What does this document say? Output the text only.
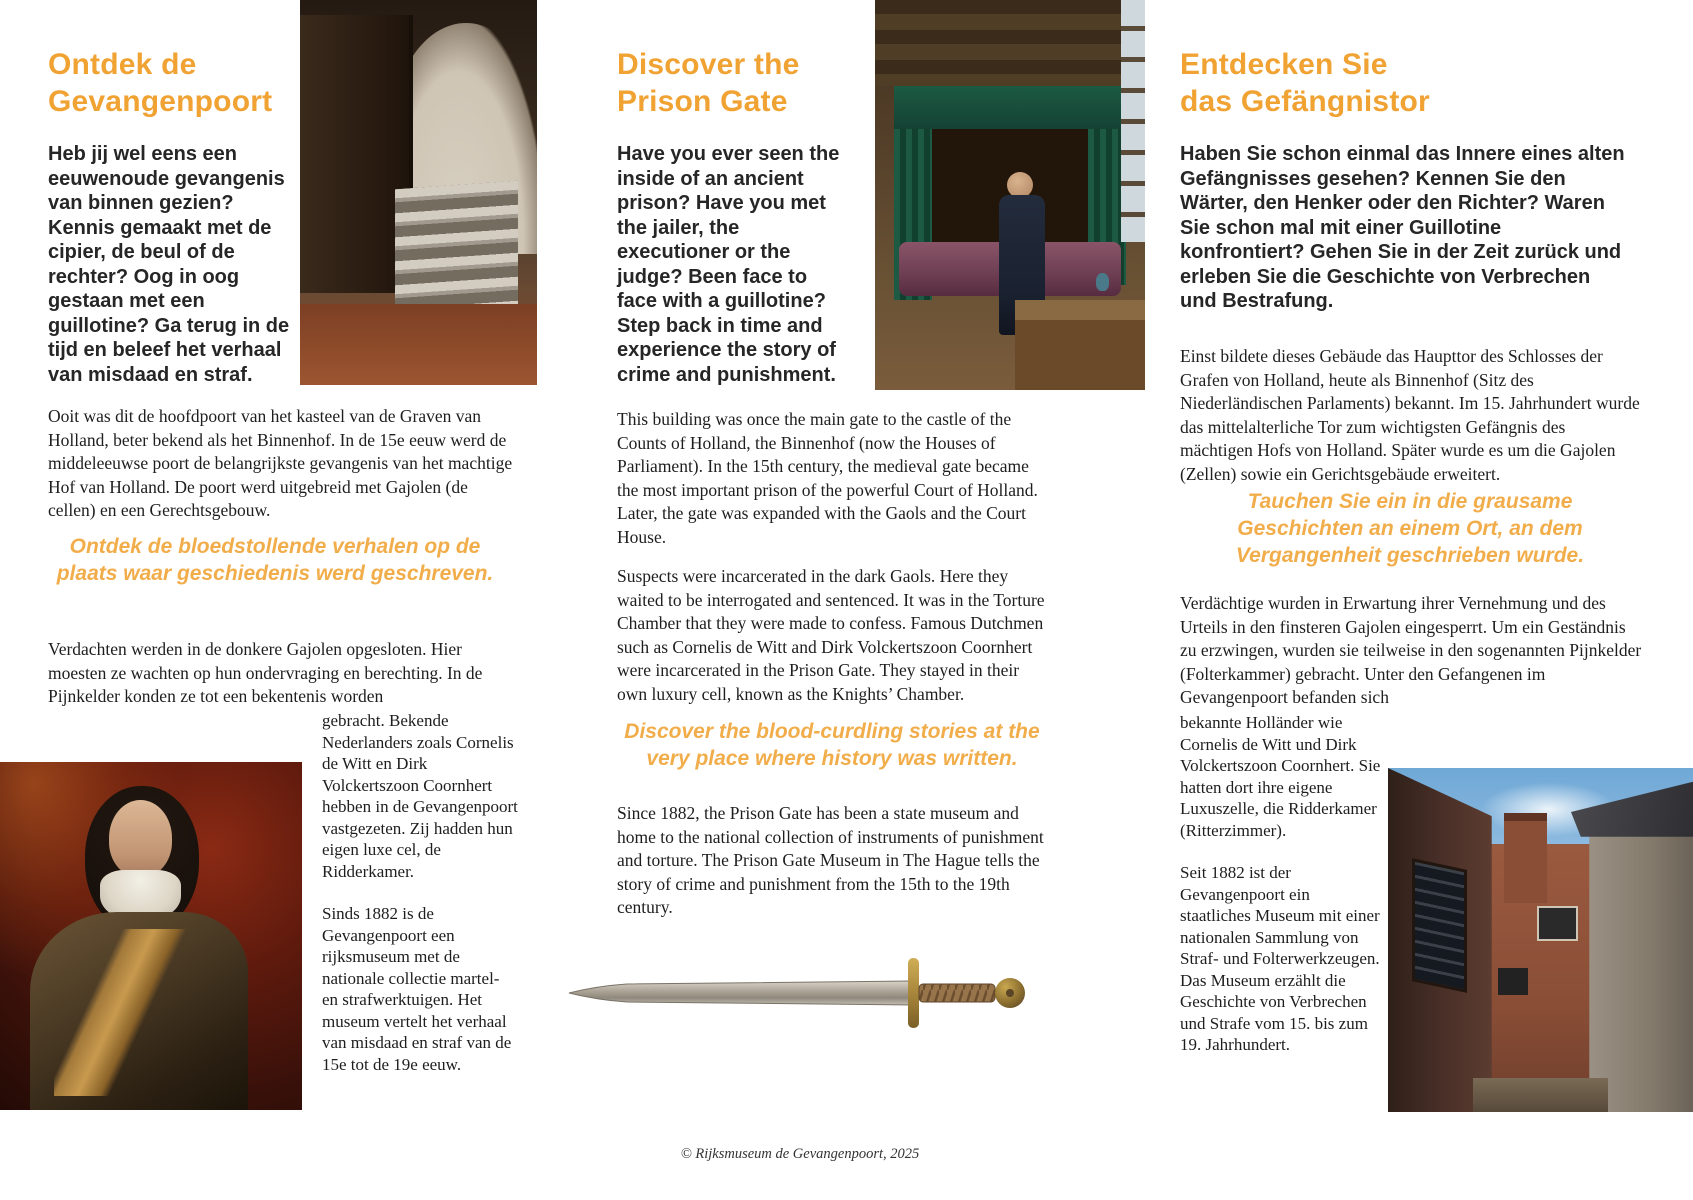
Ontdek de
Gevangenpoort
Heb jij wel eens een eeuwenoude gevangenis van binnen gezien? Kennis gemaakt met de cipier, de beul of de rechter? Oog in oog gestaan met een guillotine? Ga terug in de tijd en beleef het verhaal van misdaad en straf.
Ooit was dit de hoofdpoort van het kasteel van de Graven van Holland, beter bekend als het Binnenhof. In de 15e eeuw werd de middeleeuwse poort de belangrijkste gevangenis van het machtige Hof van Holland. De poort werd uitgebreid met Gajolen (de cellen) en een Gerechtsgebouw.
Ontdek de bloedstollende verhalen op de plaats waar geschiedenis werd geschreven.
Verdachten werden in de donkere Gajolen opgesloten. Hier moesten ze wachten op hun ondervraging en berechting. In de Pijnkelder konden ze tot een bekentenis worden

gebracht. Bekende Nederlanders zoals Cornelis de Witt en Dirk Volckertszoon Coornhert hebben in de Gevangenpoort vastgezeten. Zij hadden hun eigen luxe cel, de Ridderkamer.

Sinds 1882 is de Gevangenpoort een rijksmuseum met de nationale collectie martel- en strafwerktuigen. Het museum vertelt het verhaal van misdaad en straf van de 15e tot de 19e eeuw.

Discover the
Prison Gate
Have you ever seen the inside of an ancient prison? Have you met the jailer, the executioner or the judge? Been face to face with a guillotine? Step back in time and experience the story of crime and punishment.
This building was once the main gate to the castle of the Counts of Holland, the Binnenhof (now the Houses of Parliament). In the 15th century, the medieval gate became the most important prison of the powerful Court of Holland. Later, the gate was expanded with the Gaols and the Court House.
Suspects were incarcerated in the dark Gaols. Here they waited to be interrogated and sentenced. It was in the Torture Chamber that they were made to confess. Famous Dutchmen such as Cornelis de Witt and Dirk Volckertszoon Coornhert were incarcerated in the Prison Gate. They stayed in their own luxury cell, known as the Knights’ Chamber.
Discover the blood-curdling stories at the very place where history was written.
Since 1882, the Prison Gate has been a state museum and home to the national collection of instruments of punishment and torture. The Prison Gate Museum in The Hague tells the story of crime and punishment from the 15th to the 19th century.
© Rijksmuseum de Gevangenpoort, 2025
Entdecken Sie
das Gefängnistor
Haben Sie schon einmal das Innere eines alten Gefängnisses gesehen? Kennen Sie den Wärter, den Henker oder den Richter? Waren Sie schon mal mit einer Guillotine konfrontiert? Gehen Sie in der Zeit zurück und erleben Sie die Geschichte von Verbrechen und Bestrafung.
Einst bildete dieses Gebäude das Haupttor des Schlosses der Grafen von Holland, heute als Binnenhof (Sitz des Niederländischen Parlaments) bekannt. Im 15. Jahrhundert wurde das mittelalterliche Tor zum wichtigsten Gefängnis des mächtigen Hofs von Holland. Später wurde es um die Gajolen (Zellen) sowie ein Gerichtsgebäude erweitert.
Tauchen Sie ein in die grausame Geschichten an einem Ort, an dem Vergangenheit geschrieben wurde.
Verdächtige wurden in Erwartung ihrer Vernehmung und des Urteils in den finsteren Gajolen eingesperrt. Um ein Geständnis zu erzwingen, wurden sie teilweise in den sogenannten Pijnkelder (Folterkammer) gebracht. Unter den Gefangenen im Gevangenpoort befanden sich

bekannte Holländer wie Cornelis de Witt und Dirk Volckertszoon Coornhert. Sie hatten dort ihre eigene Luxuszelle, die Ridderkamer (Ritterzimmer).

Seit 1882 ist der Gevangenpoort ein staatliches Museum mit einer nationalen Sammlung von Straf- und Folterwerkzeugen. Das Museum erzählt die Geschichte von Verbrechen und Strafe vom 15. bis zum 19. Jahrhundert.
